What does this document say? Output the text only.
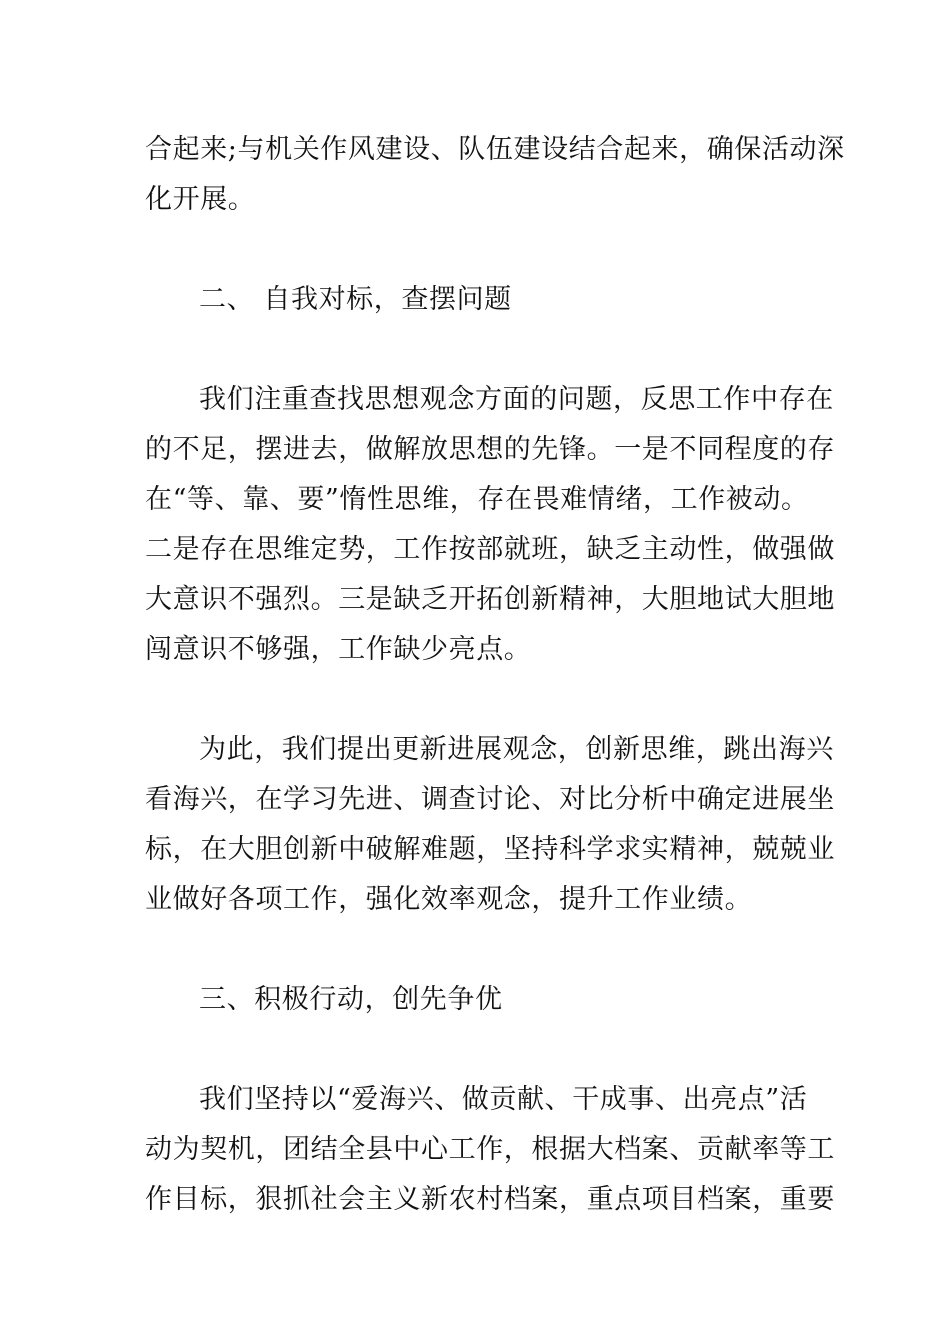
合起来;与机关作风建设、队伍建设结合起来，确保活动深
化开展。
二、 自我对标，查摆问题
我们注重查找思想观念方面的问题，反思工作中存在
的不足，摆进去，做解放思想的先锋。一是不同程度的存
在“等、靠、要”惰性思维，存在畏难情绪，工作被动。
二是存在思维定势，工作按部就班，缺乏主动性，做强做
大意识不强烈。三是缺乏开拓创新精神，大胆地试大胆地
闯意识不够强，工作缺少亮点。
为此，我们提出更新进展观念，创新思维，跳出海兴
看海兴，在学习先进、调查讨论、对比分析中确定进展坐
标，在大胆创新中破解难题，坚持科学求实精神，兢兢业
业做好各项工作，强化效率观念，提升工作业绩。
三、积极行动，创先争优
我们坚持以“爱海兴、做贡献、干成事、出亮点”活
动为契机，团结全县中心工作，根据大档案、贡献率等工
作目标，狠抓社会主义新农村档案，重点项目档案，重要
